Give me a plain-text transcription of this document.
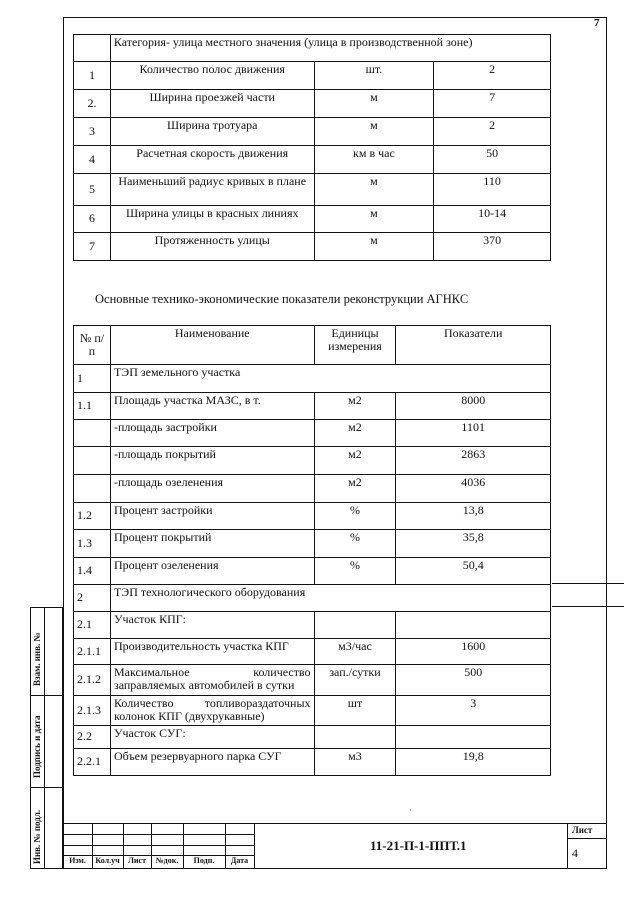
7
	Категория- улица местного значения (улица в производственной зоне)		
1	Количество полос движения	шт.	2
2.	Ширина проезжей части	м	7
3	Ширина тротуара	м	2
4	Расчетная скорость движения	км в час	50
5	Наименьший радиус кривых в плане	м	110
6	Ширина улицы в красных линиях	м	10-14
7	Протяженность улицы	м	370
Основные технико-экономические показатели реконструкции АГНКС
№ п/п	Наименование	Единицы измерения	Показатели
1	ТЭП земельного участка		
1.1	Площадь участка МАЗС, в т.	м2	8000
	-площадь застройки	м2	1101
	-площадь покрытий	м2	2863
	-площадь озеленения	м2	4036
1.2	Процент застройки	%	13,8
1.3	Процент покрытий	%	35,8
1.4	Процент озеленения	%	50,4
2	ТЭП технологического оборудования		
2.1	Участок КПГ:		
2.1.1	Производительность участка КПГ	м3/час	1600
2.1.2	Максимальное количество заправляемых автомобилей в сутки	зап./сутки	500
2.1.3	Количество топливораздаточных колонок КПГ (двухрукавные)	шт	3
2.2	Участок СУГ:		
2.2.1	Объем резервуарного парка СУГ	м3	19,8
Взам. инв. №
Подпись и дата
Инв. № подл.	Изм.	Кол.уч	Лист	№док.	Подп.	Дата
11-21-П-1-ППТ.1
Лист
4
·
